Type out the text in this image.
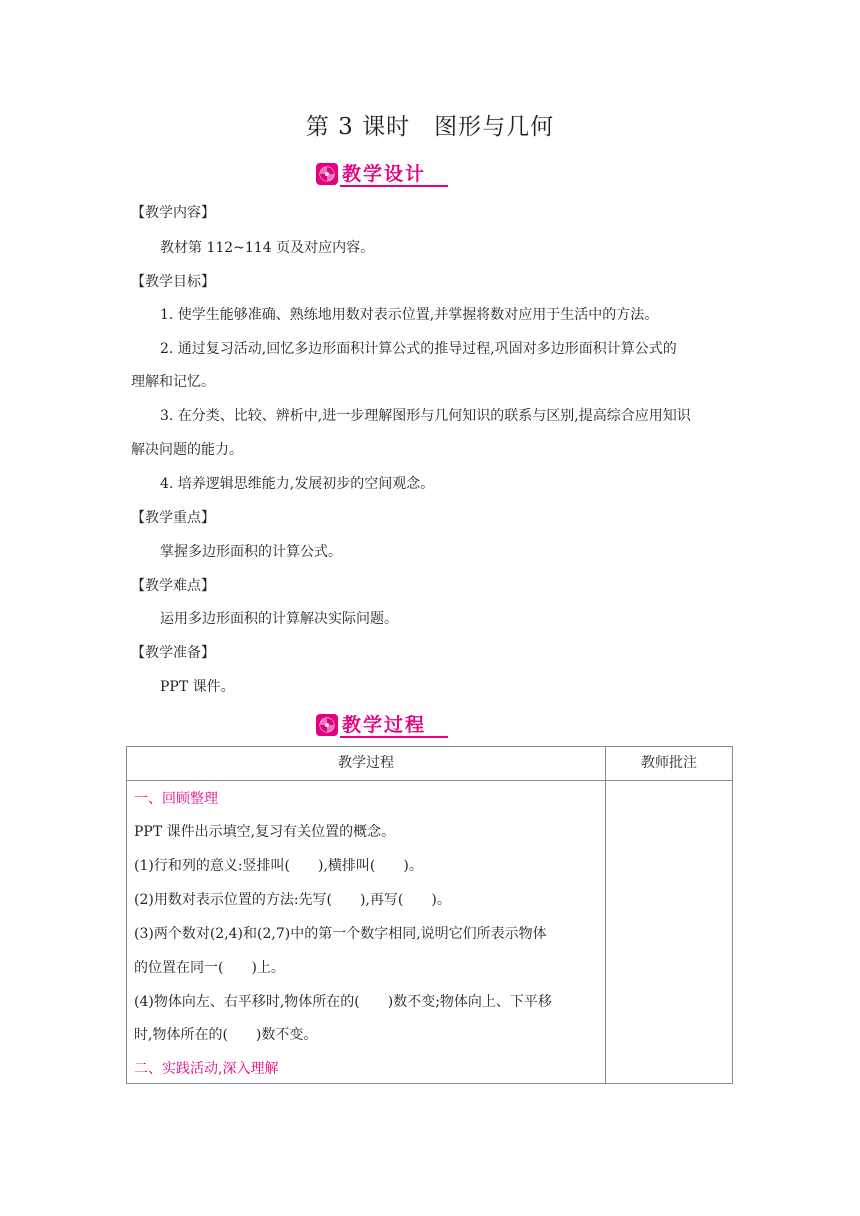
第 3 课时　图形与几何
教学设计
【教学内容】
教材第 112~114 页及对应内容。
【教学目标】
1. 使学生能够准确、熟练地用数对表示位置,并掌握将数对应用于生活中的方法。
2. 通过复习活动,回忆多边形面积计算公式的推导过程,巩固对多边形面积计算公式的
理解和记忆。
3. 在分类、比较、辨析中,进一步理解图形与几何知识的联系与区别,提高综合应用知识
解决问题的能力。
4. 培养逻辑思维能力,发展初步的空间观念。
【教学重点】
掌握多边形面积的计算公式。
【教学难点】
运用多边形面积的计算解决实际问题。
【教学准备】
PPT 课件。
教学过程
教学过程	教师批注
一、回顾整理
PPT 课件出示填空,复习有关位置的概念。
(1)行和列的意义:竖排叫(　　),横排叫(　　)。
(2)用数对表示位置的方法:先写(　　),再写(　　)。
(3)两个数对(2,4)和(2,7)中的第一个数字相同,说明它们所表示物体
的位置在同一(　　)上。
(4)物体向左、右平移时,物体所在的(　　)数不变;物体向上、下平移
时,物体所在的(　　)数不变。
二、实践活动,深入理解
